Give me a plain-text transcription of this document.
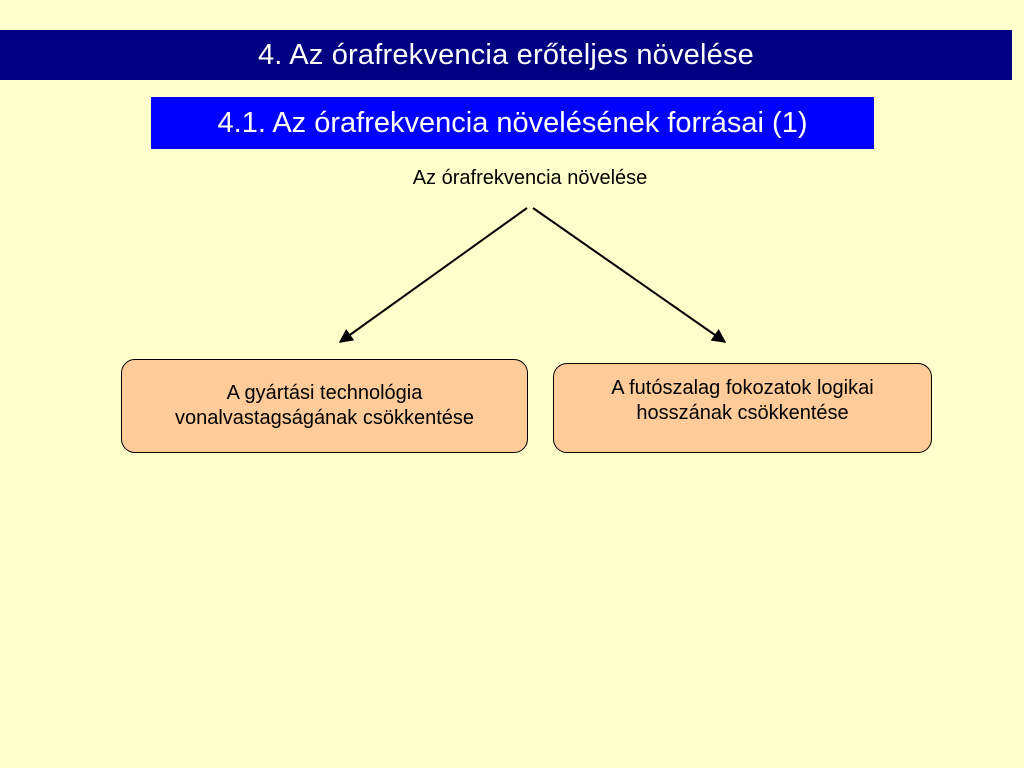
4. Az órafrekvencia erőteljes növelése
4.1. Az órafrekvencia növelésének forrásai (1)
Az órafrekvencia növelése
A gyártási technológia
vonalvastagságának csökkentése
A futószalag fokozatok logikai
hosszának csökkentése
